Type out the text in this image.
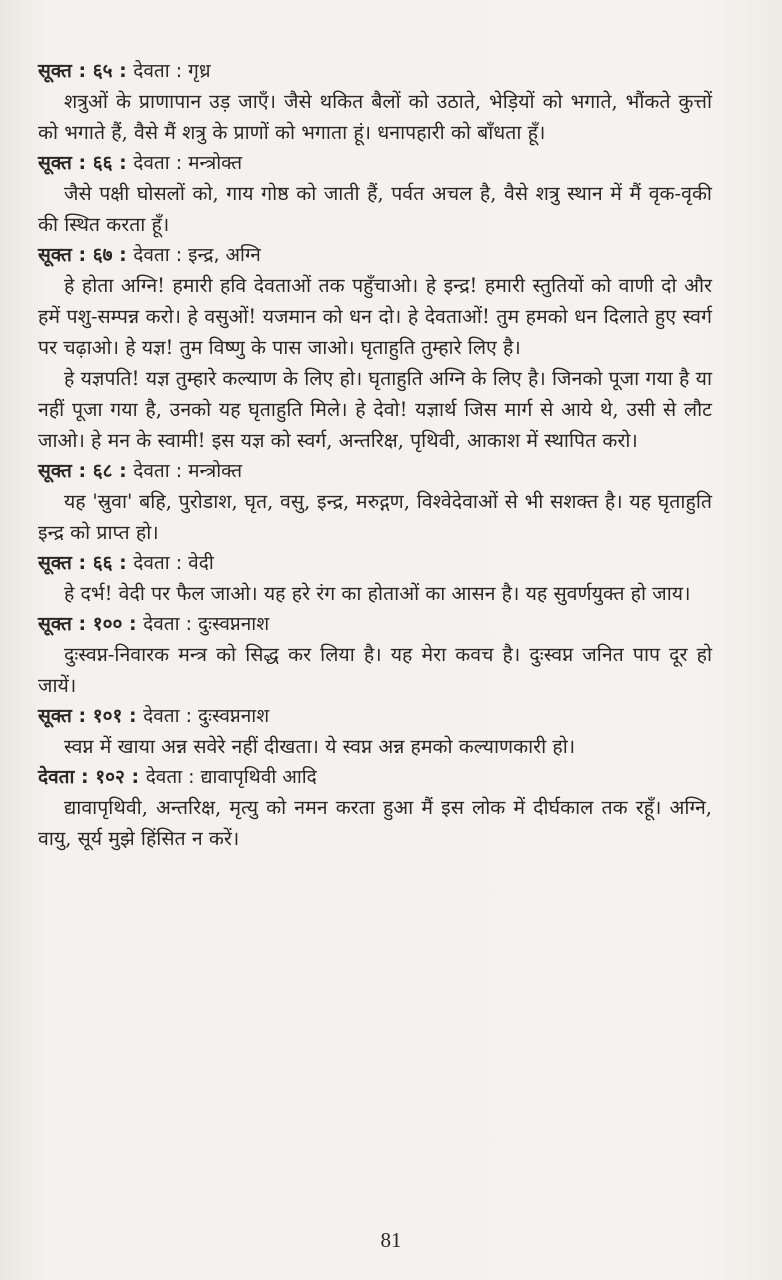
सूक्त : ६५ : देवता : गृध्र

शत्रुओं के प्राणापान उड़ जाएँ। जैसे थकित बैलों को उठाते, भेड़ियों को भगाते, भौंकते कुत्तों को भगाते हैं, वैसे मैं शत्रु के प्राणों को भगाता हूं। धनापहारी को बाँधता हूँ।

सूक्त : ६६ : देवता : मन्त्रोक्त

जैसे पक्षी घोसलों को, गाय गोष्ठ को जाती हैं, पर्वत अचल है, वैसे शत्रु स्थान में मैं वृक-वृकी की स्थित करता हूँ।

सूक्त : ६७ : देवता : इन्द्र, अग्नि

हे होता अग्नि! हमारी हवि देवताओं तक पहुँचाओ। हे इन्द्र! हमारी स्तुतियों को वाणी दो और हमें पशु-सम्पन्न करो। हे वसुओं! यजमान को धन दो। हे देवताओं! तुम हमको धन दिलाते हुए स्वर्ग पर चढ़ाओ। हे यज्ञ! तुम विष्णु के पास जाओ। घृताहुति तुम्हारे लिए है।

हे यज्ञपति! यज्ञ तुम्हारे कल्याण के लिए हो। घृताहुति अग्नि के लिए है। जिनको पूजा गया है या नहीं पूजा गया है, उनको यह घृताहुति मिले। हे देवो! यज्ञार्थ जिस मार्ग से आये थे, उसी से लौट जाओ। हे मन के स्वामी! इस यज्ञ को स्वर्ग, अन्तरिक्ष, पृथिवी, आकाश में स्थापित करो।

सूक्त : ६८ : देवता : मन्त्रोक्त

यह 'स्रुवा' बहि, पुरोडाश, घृत, वसु, इन्द्र, मरुद्गण, विश्वेदेवाओं से भी सशक्त है। यह घृताहुति इन्द्र को प्राप्त हो।

सूक्त : ६६ : देवता : वेदी

हे दर्भ! वेदी पर फैल जाओ। यह हरे रंग का होताओं का आसन है। यह सुवर्णयुक्त हो जाय।

सूक्त : १०० : देवता : दुःस्वप्ननाश

दुःस्वप्न-निवारक मन्त्र को सिद्ध कर लिया है। यह मेरा कवच है। दुःस्वप्न जनित पाप दूर हो जायें।

सूक्त : १०१ : देवता : दुःस्वप्ननाश

स्वप्न में खाया अन्न सवेरे नहीं दीखता। ये स्वप्न अन्न हमको कल्याणकारी हो।

देवता : १०२ : देवता : द्यावापृथिवी आदि

द्यावापृथिवी, अन्तरिक्ष, मृत्यु को नमन करता हुआ मैं इस लोक में दीर्घकाल तक रहूँ। अग्नि, वायु, सूर्य मुझे हिंसित न करें।

81
